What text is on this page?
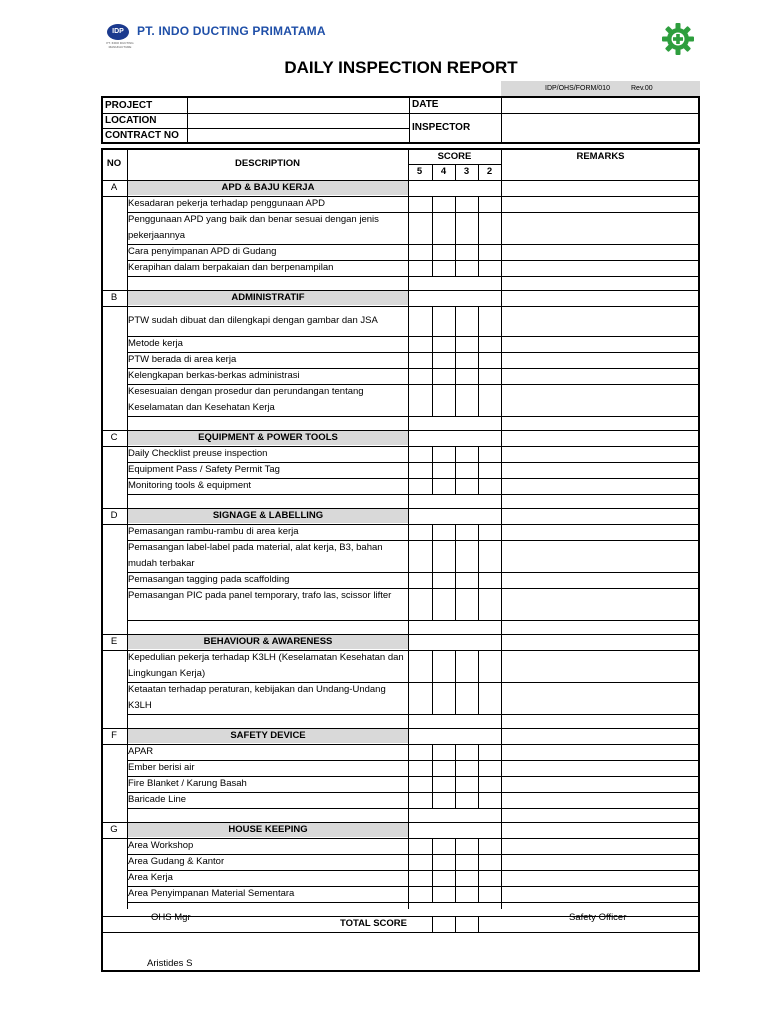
IDP
PT. INDO DUCTING MANUFACTURE
PT. INDO DUCTING PRIMATAMA
DAILY INSPECTION REPORT
IDP/OHS/FORM/010	Rev.00
PROJECT
LOCATION
CONTRACT NO
DATE
INSPECTOR
NO	DESCRIPTION
SCORE	REMARKS
5	4	3	2
A	APD & BAJU KERJA
Kesadaran pekerja terhadap penggunaan APD
Penggunaan APD yang baik dan benar sesuai dengan jenis pekerjaannya
Cara penyimpanan APD di Gudang
Kerapihan dalam berpakaian dan berpenampilan
B	ADMINISTRATIF
PTW sudah dibuat dan dilengkapi dengan gambar dan JSA
Metode kerja
PTW berada di area kerja
Kelengkapan berkas-berkas administrasi
Kesesuaian dengan prosedur dan perundangan tentang Keselamatan dan Kesehatan Kerja
C	EQUIPMENT & POWER TOOLS
Daily Checklist preuse inspection
Equipment Pass / Safety Permit Tag
Monitoring tools & equipment
D	SIGNAGE & LABELLING
Pemasangan rambu-rambu di area kerja
Pemasangan label-label pada material, alat kerja, B3, bahan mudah terbakar
Pemasangan tagging pada scaffolding
Pemasangan PIC pada panel temporary, trafo las, scissor lifter
E	BEHAVIOUR & AWARENESS
Kepedulian pekerja terhadap K3LH (Keselamatan Kesehatan dan Lingkungan Kerja)
Ketaatan terhadap peraturan, kebijakan dan Undang-Undang K3LH
F	SAFETY DEVICE
APAR
Ember berisi air
Fire Blanket / Karung Basah
Baricade Line
G	HOUSE KEEPING
Area Workshop
Area Gudang & Kantor
Area Kerja
Area Penyimpanan Material Sementara
TOTAL SCORE
OHS Mgr
Aristides S
Safety Officer
